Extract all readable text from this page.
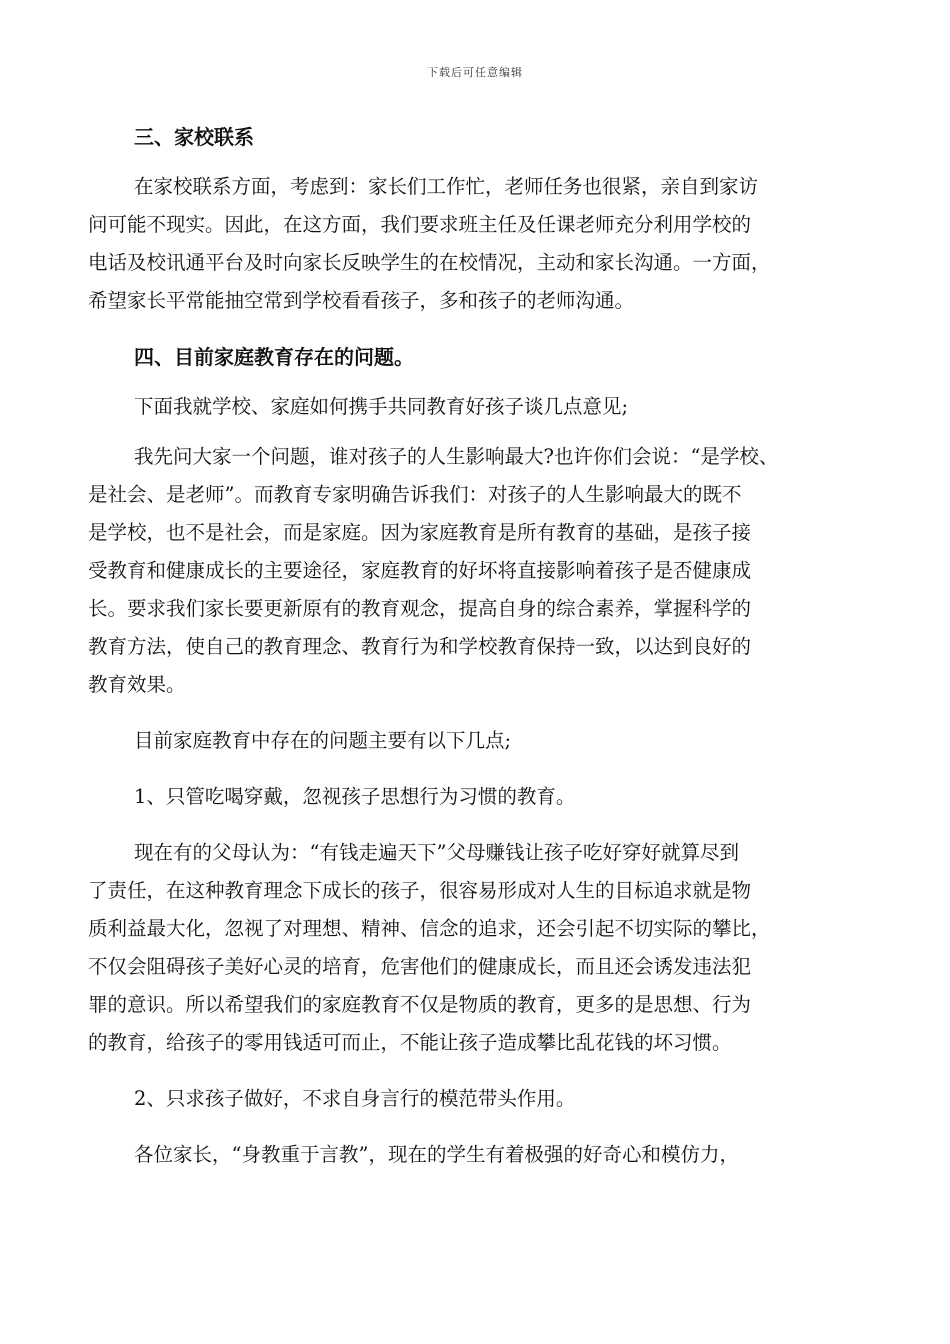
下载后可任意编辑

三、家校联系

在家校联系方面，考虑到：家长们工作忙，老师任务也很紧，亲自到家访

问可能不现实。因此，在这方面，我们要求班主任及任课老师充分利用学校的

电话及校讯通平台及时向家长反映学生的在校情况，主动和家长沟通。一方面，

希望家长平常能抽空常到学校看看孩子，多和孩子的老师沟通。

四、目前家庭教育存在的问题。

下面我就学校、家庭如何携手共同教育好孩子谈几点意见;

我先问大家一个问题，谁对孩子的人生影响最大?也许你们会说：“是学校、

是社会、是老师”。而教育专家明确告诉我们：对孩子的人生影响最大的既不

是学校，也不是社会，而是家庭。因为家庭教育是所有教育的基础，是孩子接

受教育和健康成长的主要途径，家庭教育的好坏将直接影响着孩子是否健康成

长。要求我们家长要更新原有的教育观念，提高自身的综合素养，掌握科学的

教育方法，使自己的教育理念、教育行为和学校教育保持一致，以达到良好的

教育效果。

目前家庭教育中存在的问题主要有以下几点;

1、只管吃喝穿戴，忽视孩子思想行为习惯的教育。

现在有的父母认为：“有钱走遍天下”父母赚钱让孩子吃好穿好就算尽到

了责任，在这种教育理念下成长的孩子，很容易形成对人生的目标追求就是物

质利益最大化，忽视了对理想、精神、信念的追求，还会引起不切实际的攀比，

不仅会阻碍孩子美好心灵的培育，危害他们的健康成长，而且还会诱发违法犯

罪的意识。所以希望我们的家庭教育不仅是物质的教育，更多的是思想、行为

的教育，给孩子的零用钱适可而止，不能让孩子造成攀比乱花钱的坏习惯。

2、只求孩子做好，不求自身言行的模范带头作用。

各位家长，“身教重于言教”，现在的学生有着极强的好奇心和模仿力，
